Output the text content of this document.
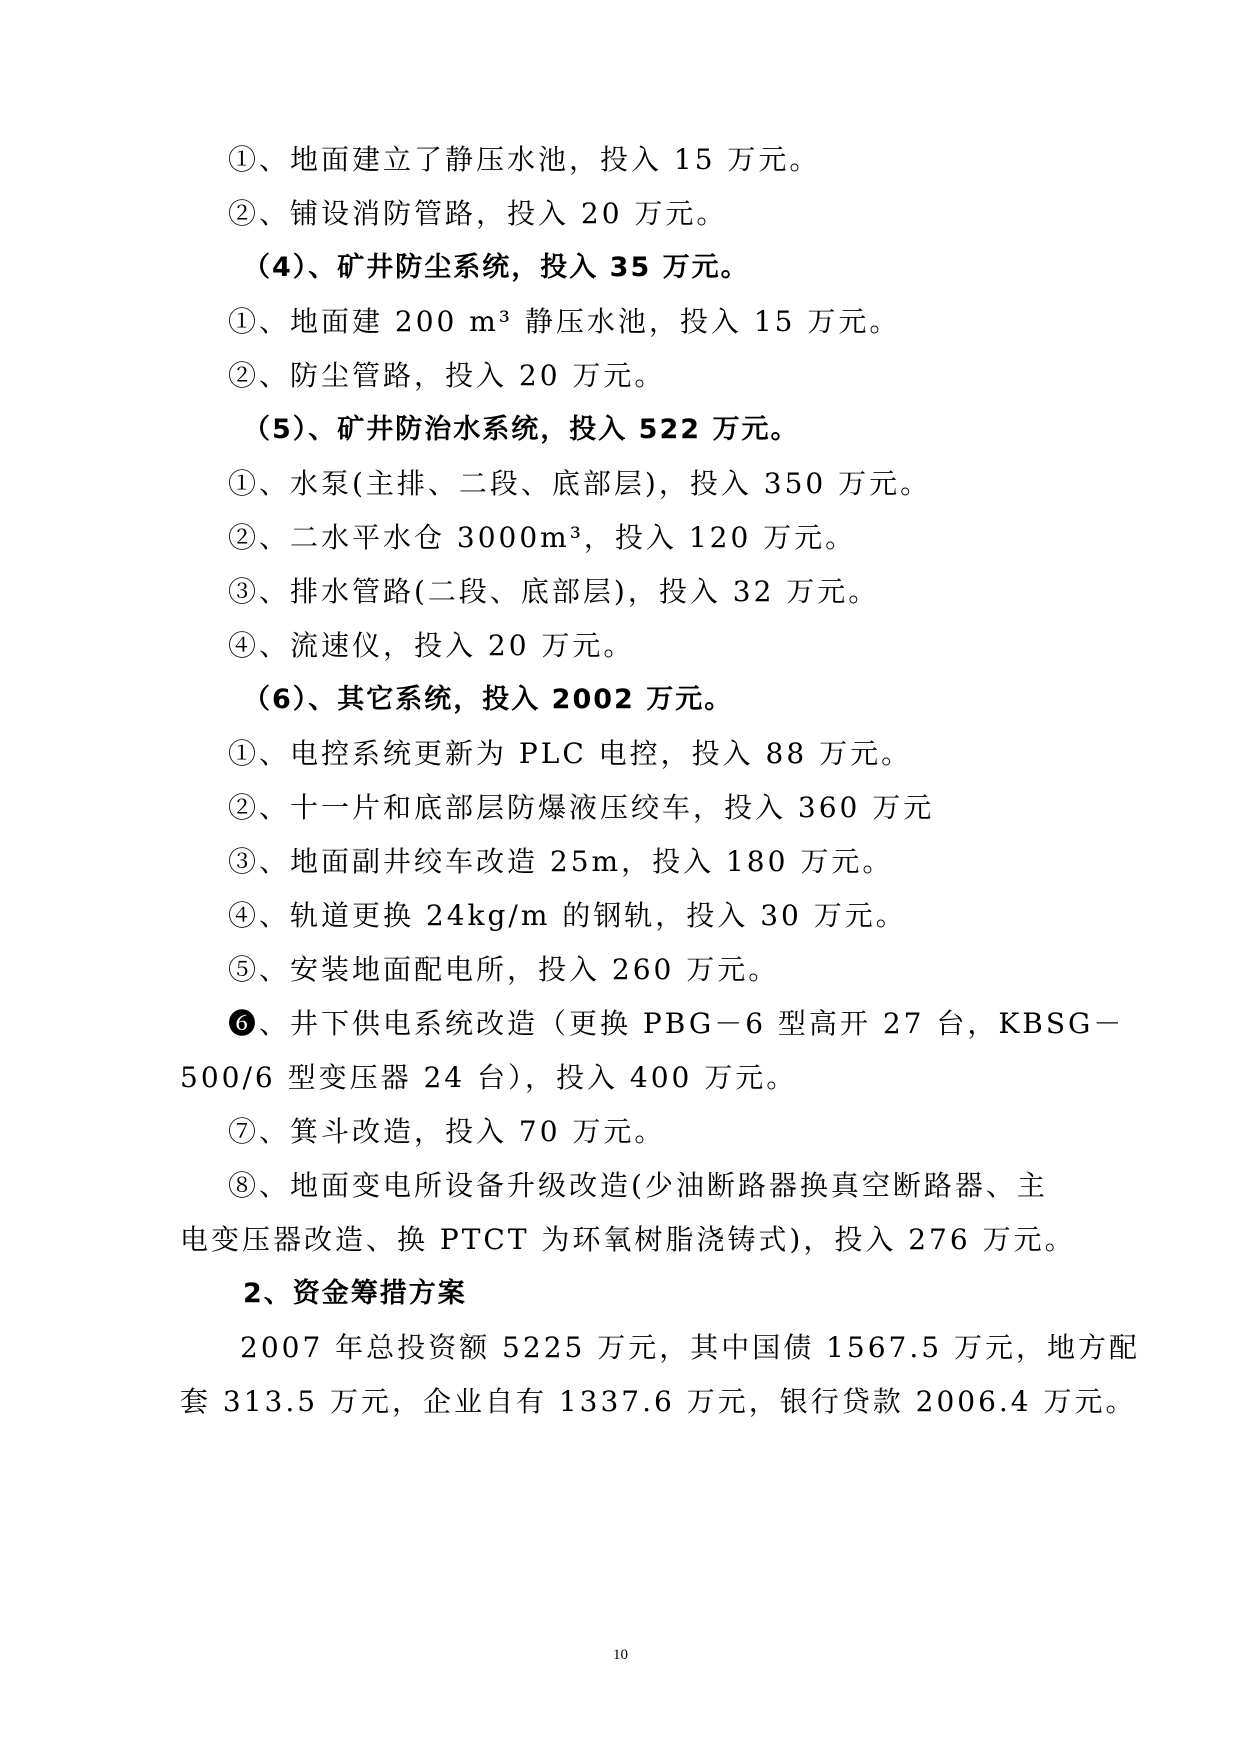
①、地面建立了静压水池，投入 15 万元。
②、铺设消防管路，投入 20 万元。
（4）、矿井防尘系统，投入 35 万元。
①、地面建 200 m³ 静压水池，投入 15 万元。
②、防尘管路，投入 20 万元。
（5）、矿井防治水系统，投入 522 万元。
①、水泵(主排、二段、底部层)，投入 350 万元。
②、二水平水仓 3000m³，投入 120 万元。
③、排水管路(二段、底部层)，投入 32 万元。
④、流速仪，投入 20 万元。
（6）、其它系统，投入 2002 万元。
①、电控系统更新为 PLC 电控，投入 88 万元。
②、十一片和底部层防爆液压绞车，投入 360 万元
③、地面副井绞车改造 25m，投入 180 万元。
④、轨道更换 24kg/m 的钢轨，投入 30 万元。
⑤、安装地面配电所，投入 260 万元。
❻、井下供电系统改造（更换 PBG－6 型高开 27 台，KBSG－
500/6 型变压器 24 台），投入 400 万元。
⑦、箕斗改造，投入 70 万元。
⑧、地面变电所设备升级改造(少油断路器换真空断路器、主
电变压器改造、换 PTCT 为环氧树脂浇铸式)，投入 276 万元。
2、资金筹措方案
2007 年总投资额 5225 万元，其中国债 1567.5 万元，地方配
套 313.5 万元，企业自有 1337.6 万元，银行贷款 2006.4 万元。
10
